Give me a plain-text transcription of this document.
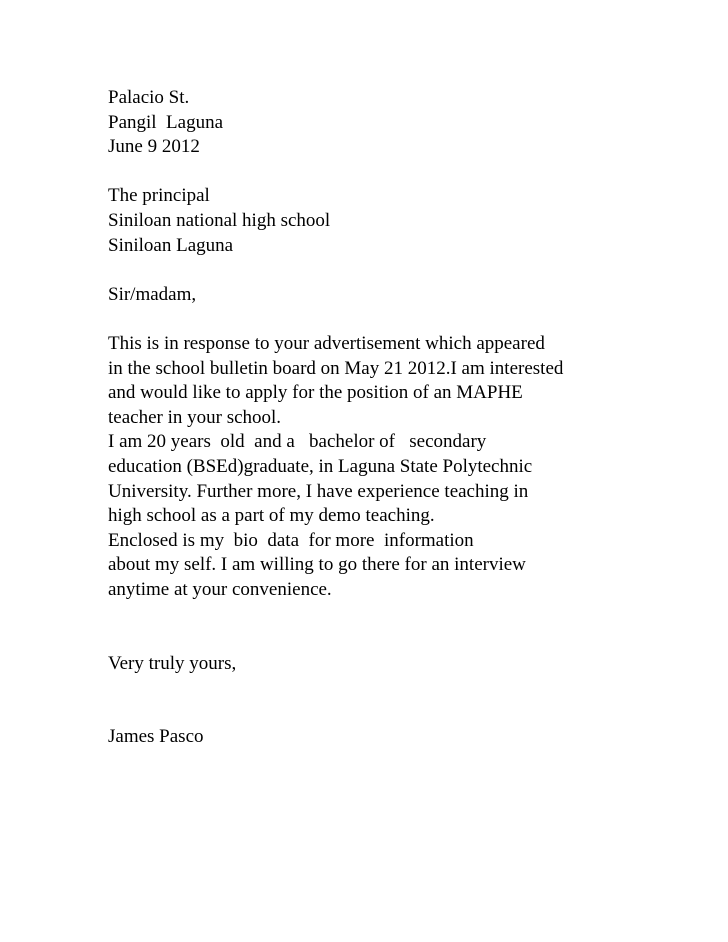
Palacio St.
Pangil  Laguna
June 9 2012
The principal
Siniloan national high school
Siniloan Laguna
Sir/madam,
This is in response to your advertisement which appeared
in the school bulletin board on May 21 2012.I am interested
and would like to apply for the position of an MAPHE
teacher in your school.
I am 20 years  old  and a   bachelor of   secondary
education (BSEd)graduate, in Laguna State Polytechnic
University. Further more, I have experience teaching in
high school as a part of my demo teaching.
Enclosed is my  bio  data  for more  information
about my self. I am willing to go there for an interview
anytime at your convenience.
Very truly yours,
James Pasco
